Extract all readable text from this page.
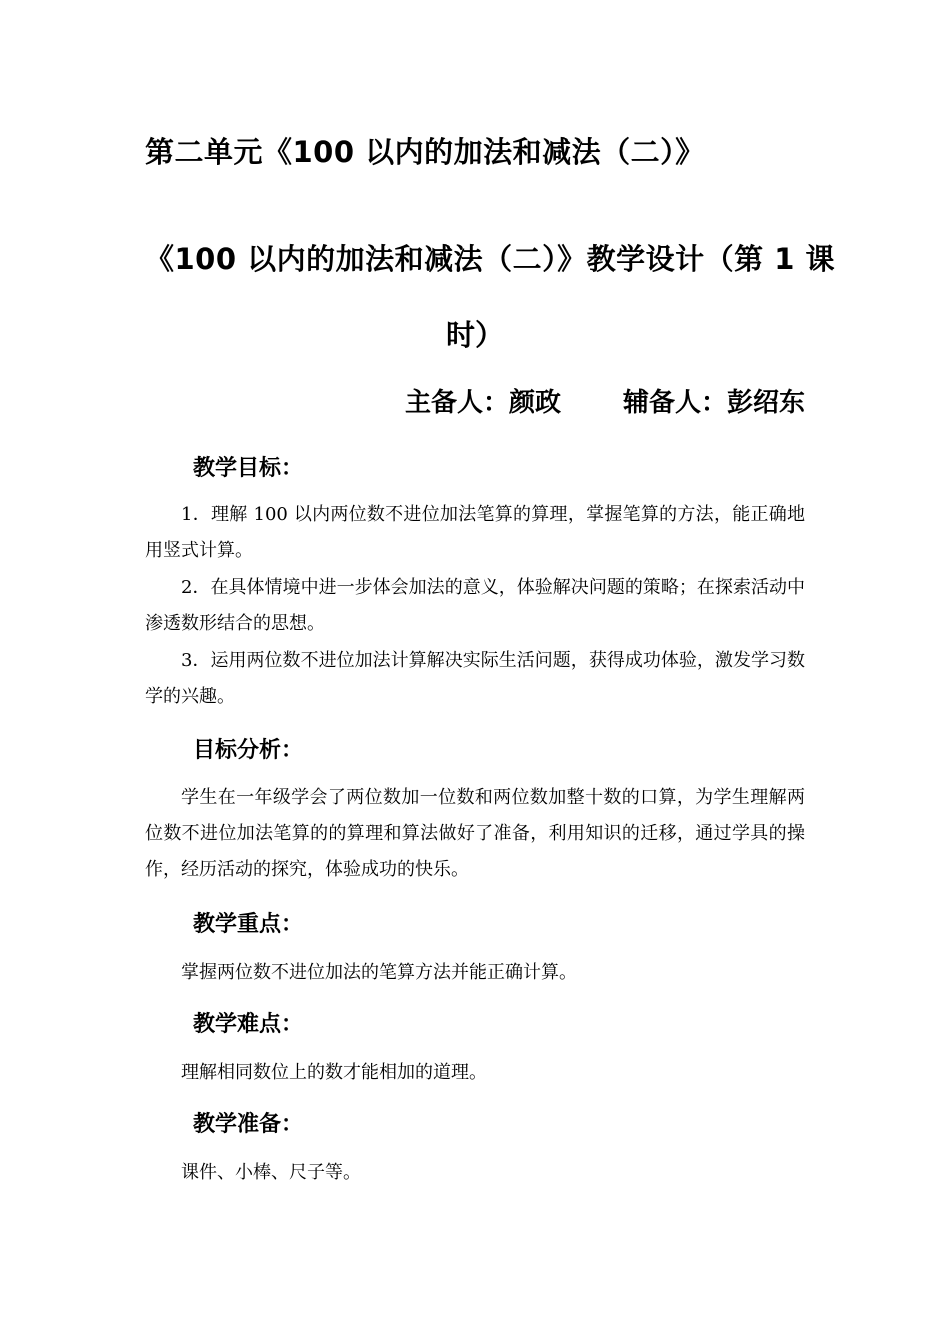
第二单元《100 以内的加法和减法（二）》
《100 以内的加法和减法（二）》教学设计（第 1 课
时）
主备人：颜政 辅备人：彭绍东
教学目标：
1．理解 100 以内两位数不进位加法笔算的算理，掌握笔算的方法，能正确地用竖式计算。
2．在具体情境中进一步体会加法的意义，体验解决问题的策略；在探索活动中渗透数形结合的思想。
3．运用两位数不进位加法计算解决实际生活问题，获得成功体验，激发学习数学的兴趣。
目标分析：
学生在一年级学会了两位数加一位数和两位数加整十数的口算，为学生理解两位数不进位加法笔算的的算理和算法做好了准备，利用知识的迁移，通过学具的操作，经历活动的探究，体验成功的快乐。
教学重点：
掌握两位数不进位加法的笔算方法并能正确计算。
教学难点：
理解相同数位上的数才能相加的道理。
教学准备：
课件、小棒、尺子等。
